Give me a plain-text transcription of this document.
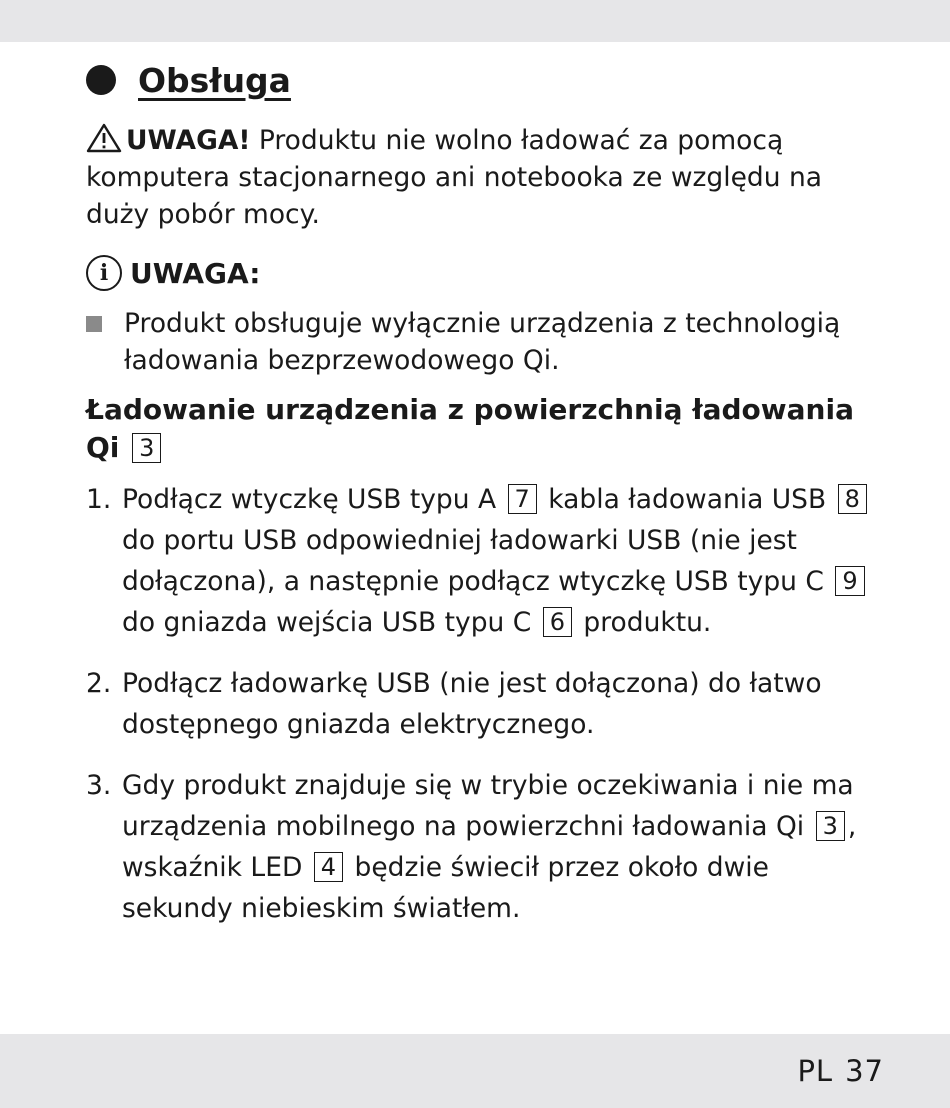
Obsługa
UWAGA! Produktu nie wolno ładować za pomocą komputera stacjonarnego ani notebooka ze względu na duży pobór mocy.
i UWAGA:
Produkt obsługuje wyłącznie urządzenia z technologią ładowania bezprzewodowego Qi.
Ładowanie urządzenia z powierzchnią ładowania Qi 3
1. Podłącz wtyczkę USB typu A 7 kabla ładowania USB 8 do portu USB odpowiedniej ładowarki USB (nie jest dołączona), a następnie podłącz wtyczkę USB typu C 9 do gniazda wejścia USB typu C 6 produktu.
2. Podłącz ładowarkę USB (nie jest dołączona) do łatwo dostępnego gniazda elektrycznego.
3. Gdy produkt znajduje się w trybie oczekiwania i nie ma urządzenia mobilnego na powierzchni ładowania Qi 3 , wskaźnik LED 4 będzie świecił przez około dwie sekundy niebieskim światłem.
PL 37
